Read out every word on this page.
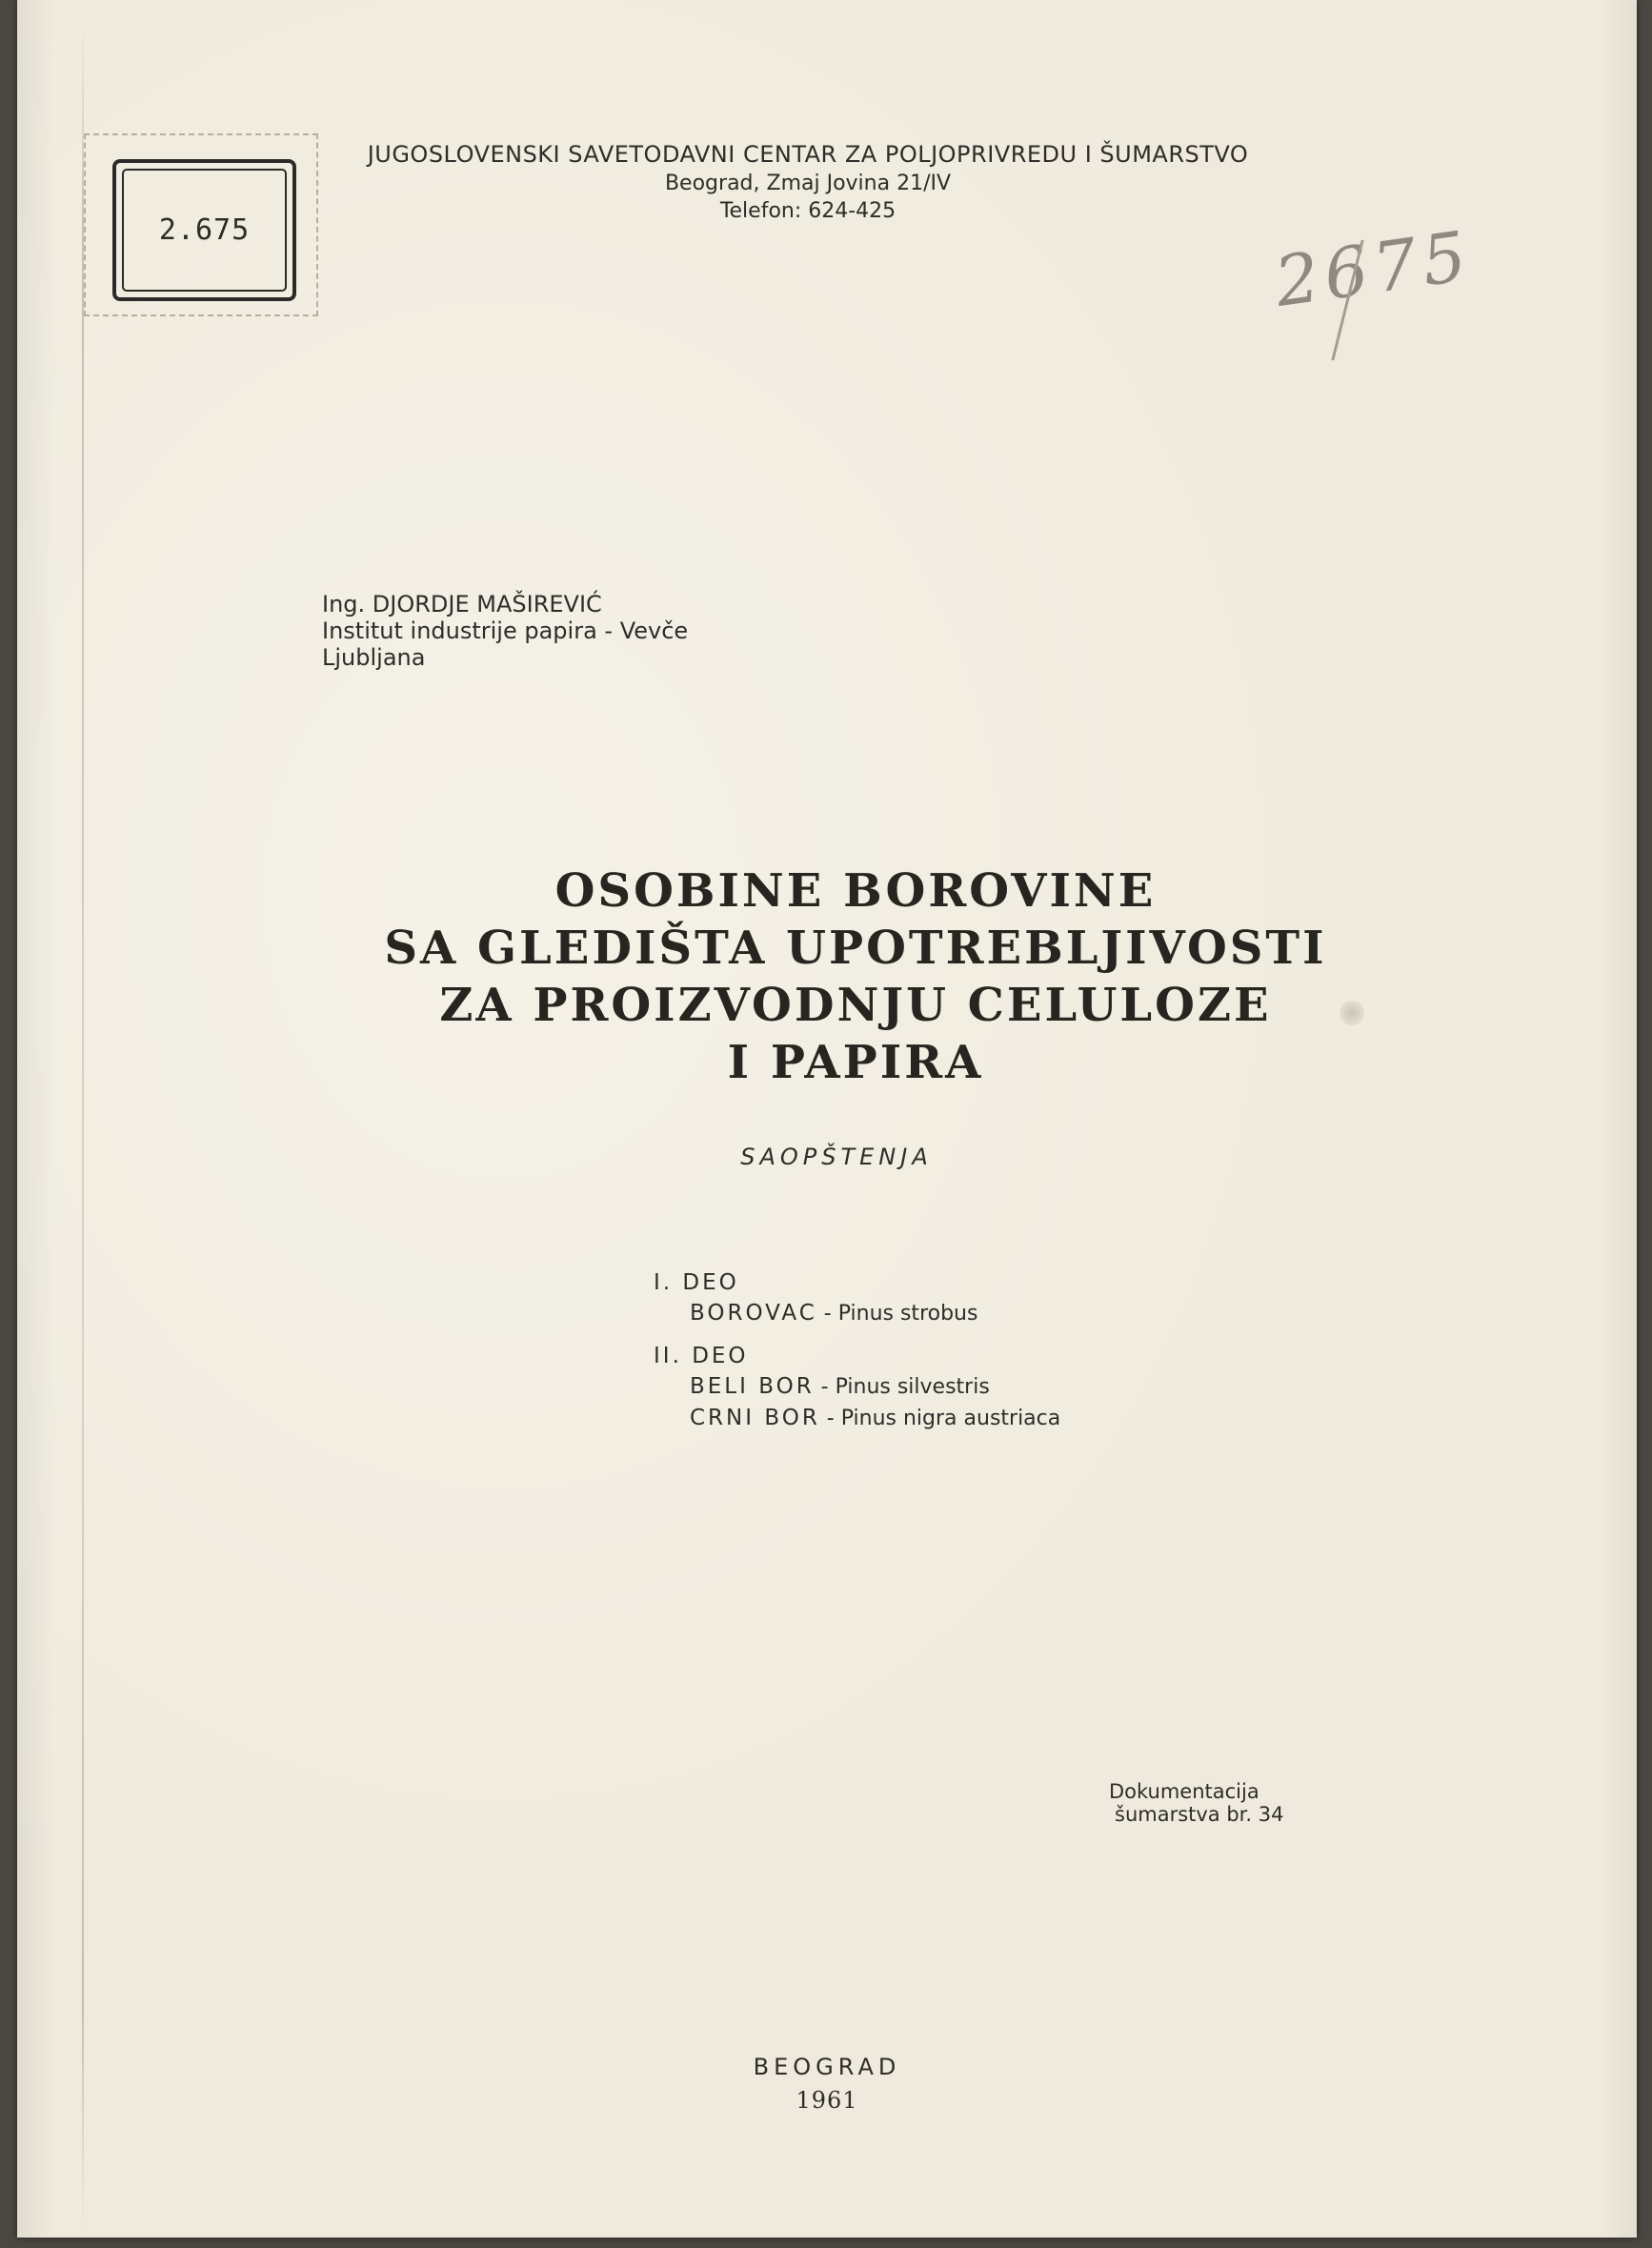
2.675
JUGOSLOVENSKI SAVETODAVNI CENTAR ZA POLJOPRIVREDU I ŠUMARSTVO
Beograd, Zmaj Jovina 21/IV
Telefon: 624-425
2675
Ing. DJORDJE MAŠIREVIĆ
Institut industrije papira - Vevče
Ljubljana
OSOBINE BOROVINE
SA GLEDIŠTA UPOTREBLJIVOSTI
ZA PROIZVODNJU CELULOZE
I PAPIRA
SAOPŠTENJA
I. DEO
BOROVAC - Pinus strobus
II. DEO
BELI BOR - Pinus silvestris
CRNI BOR - Pinus nigra austriaca
Dokumentacija
šumarstva br. 34
BEOGRAD
1961
